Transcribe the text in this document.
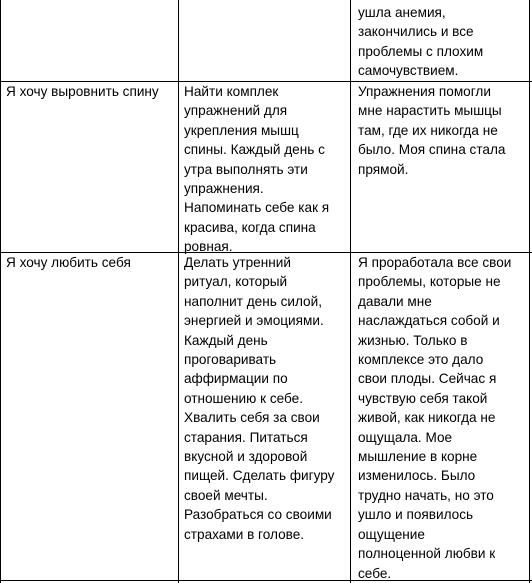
ушла анемия,
закончились и все
проблемы с плохим
самочувствием.
Я хочу выровнить спину Найти комплек
упражнений для
укрепления мышц
спины. Каждый день с
утра выполнять эти
упражнения.
Напоминать себе как я
красива, когда спина
ровная.
Упражнения помогли
мне нарастить мышцы
там, где их никогда не
было. Моя спина стала
прямой.
Я хочу любить себя	Делать утренний
ритуал, который
наполнит день силой,
энергией и эмоциями.
Каждый день
проговаривать
аффирмации по
отношению к себе.
Хвалить себя за свои
старания. Питаться
вкусной и здоровой
пищей. Сделать фигуру
своей мечты.
Разобраться со своими
страхами в голове.
Я проработала все свои
проблемы, которые не
давали мне
наслаждаться собой и
жизнью. Только в
комплексе это дало
свои плоды. Сейчас я
чувствую себя такой
живой, как никогда не
ощущала. Мое
мышление в корне
изменилось. Было
трудно начать, но это
ушло и появилось
ощущение
полноценной любви к
себе.
